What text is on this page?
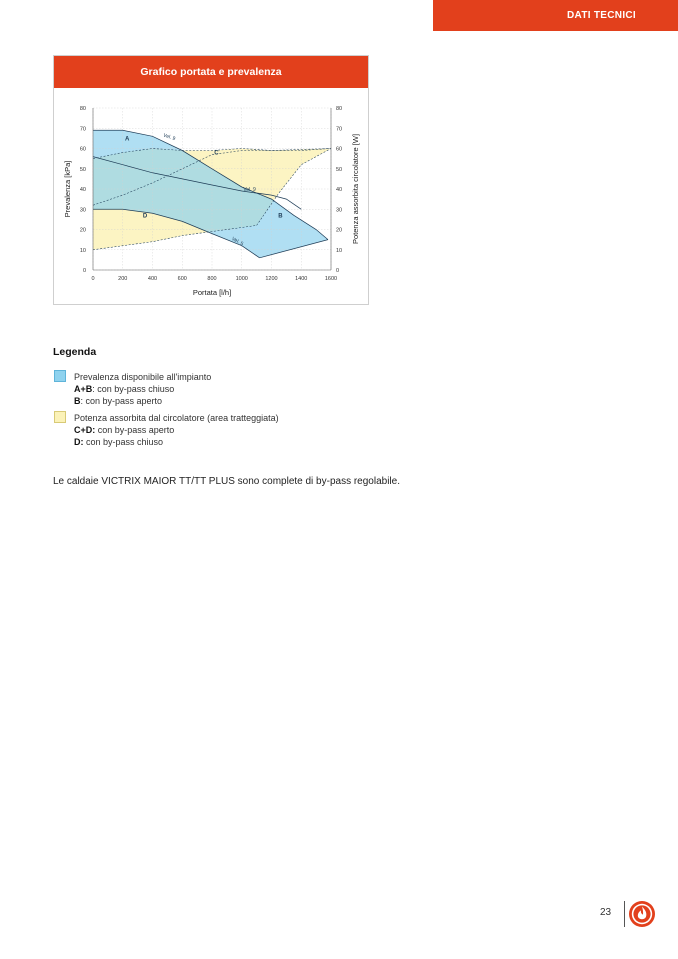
DATI TECNICI
Grafico portata e prevalenza
0	200	400	600	800	1000	1200	1400	1600
0
10
20
30
40
50
60
70
80
0
10
20
30
40
50
60
70
80
Portata [l/h]
Prevalenza [kPa]	Potenza assorbita circolatore [W]
A
B
C
D
Vel. 9
Vel. 9
Vel. 5
Legenda
Prevalenza disponibile all'impianto
A+B: con by-pass chiuso
B: con by-pass aperto
Potenza assorbita dal circolatore (area tratteggiata)
C+D: con by-pass aperto
D: con by-pass chiuso
Le caldaie VICTRIX MAIOR TT/TT PLUS sono complete di by-pass regolabile.
23
